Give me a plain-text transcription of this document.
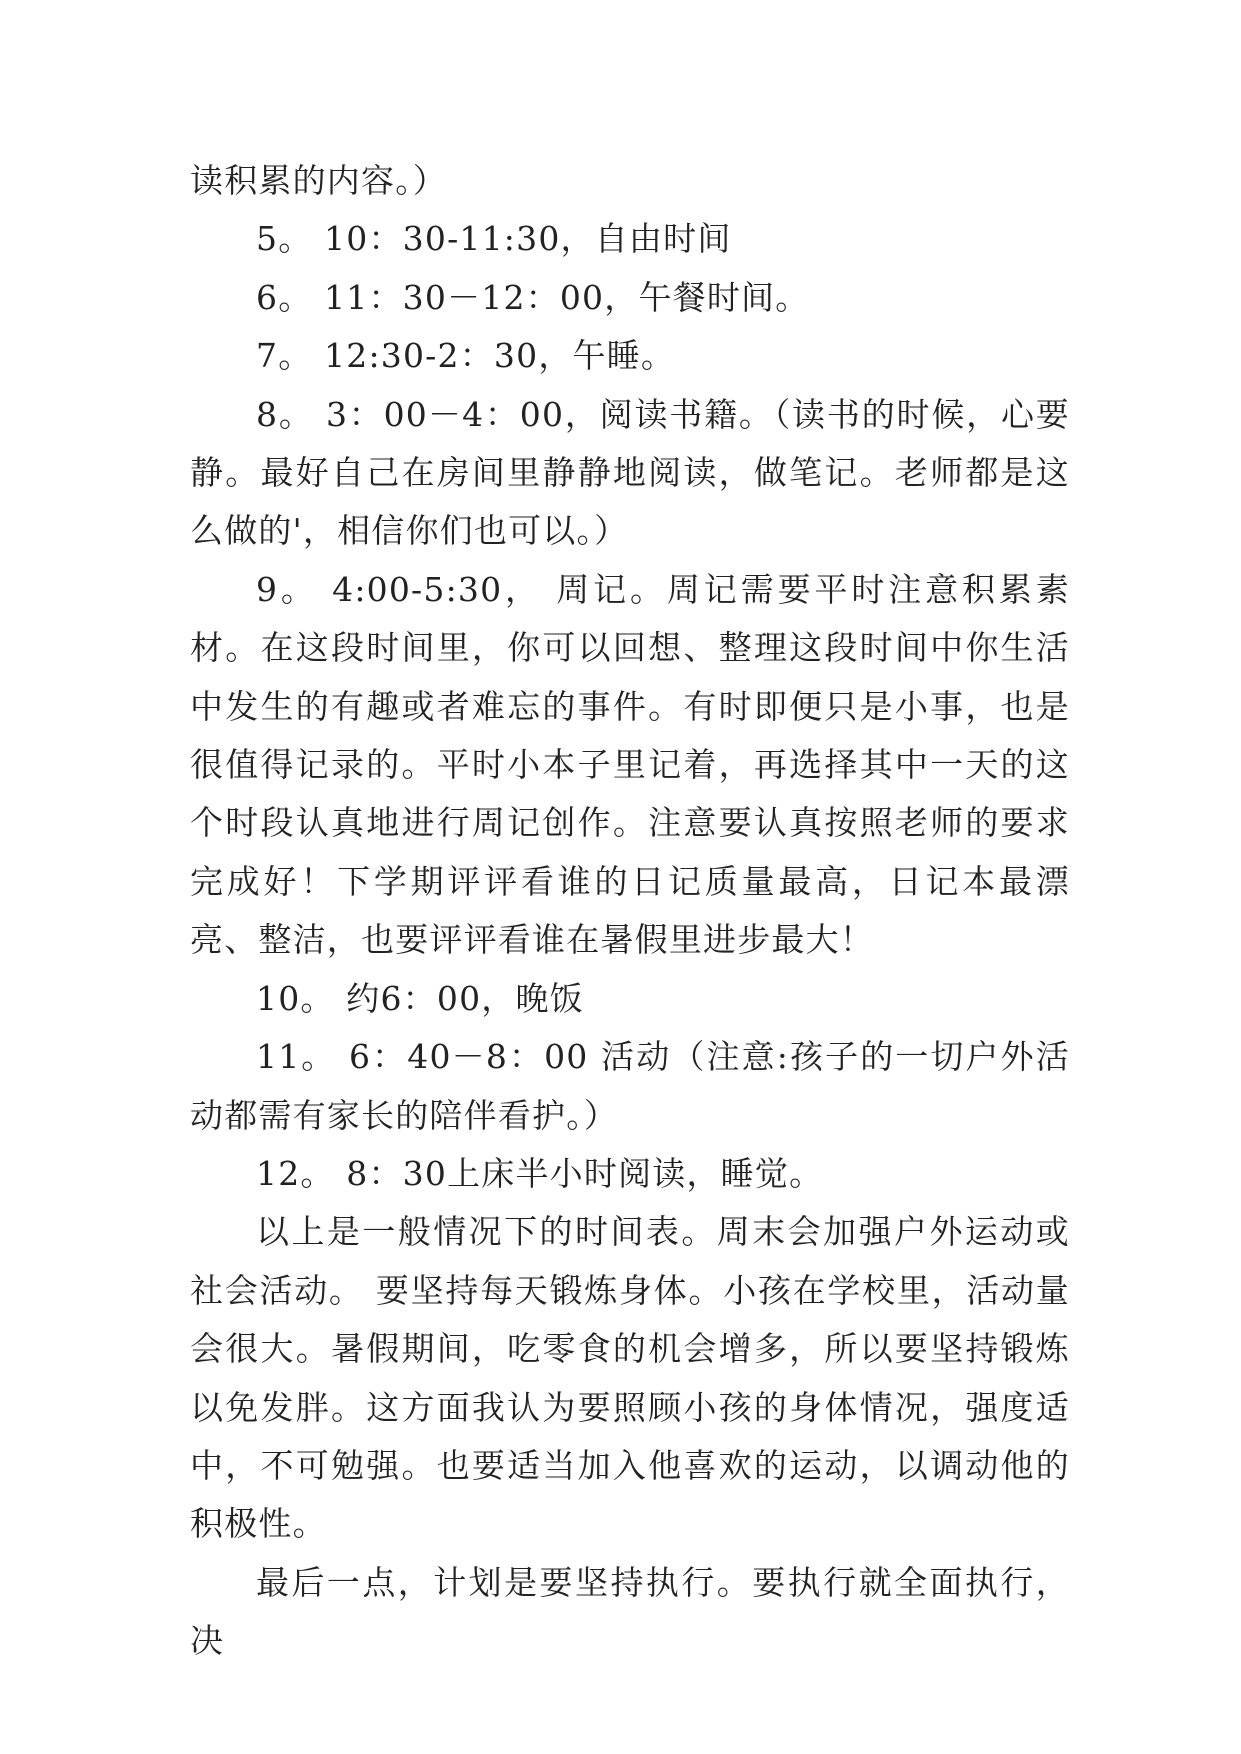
读积累的内容。）

5。 10：30-11:30，自由时间

6。 11：30－12：00，午餐时间。

7。 12:30-2：30，午睡。

8。 3：00－4：00，阅读书籍。（读书的时候，心要静。最好自己在房间里静静地阅读，做笔记。老师都是这么做的'，相信你们也可以。）

9。 4:00-5:30， 周记。周记需要平时注意积累素材。在这段时间里，你可以回想、整理这段时间中你生活中发生的有趣或者难忘的事件。有时即便只是小事，也是很值得记录的。平时小本子里记着，再选择其中一天的这个时段认真地进行周记创作。注意要认真按照老师的要求完成好！下学期评评看谁的日记质量最高，日记本最漂亮、整洁，也要评评看谁在暑假里进步最大！

10。 约6：00，晚饭

11。 6：40－8：00 活动（注意:孩子的一切户外活动都需有家长的陪伴看护。）

12。 8：30上床半小时阅读，睡觉。

以上是一般情况下的时间表。周末会加强户外运动或社会活动。 要坚持每天锻炼身体。小孩在学校里，活动量会很大。暑假期间，吃零食的机会增多，所以要坚持锻炼以免发胖。这方面我认为要照顾小孩的身体情况，强度适中，不可勉强。也要适当加入他喜欢的运动，以调动他的积极性。

最后一点，计划是要坚持执行。要执行就全面执行，决
